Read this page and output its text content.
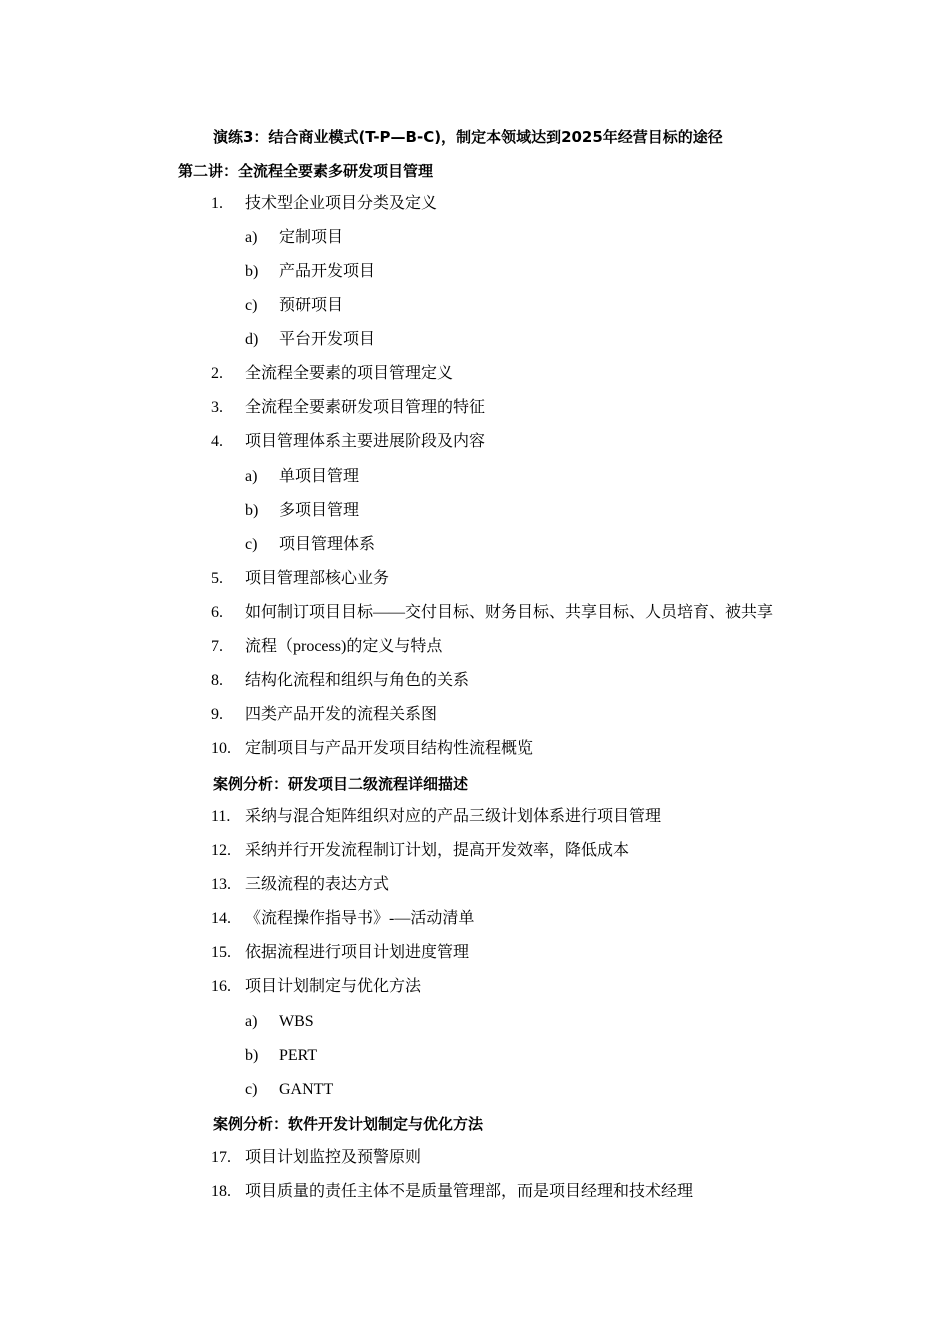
演练3：结合商业模式(T-P—B-C)，制定本领域达到2025年经营目标的途径
第二讲：全流程全要素多研发项目管理
1. 技术型企业项目分类及定义
a) 定制项目
b) 产品开发项目
c) 预研项目
d) 平台开发项目
2. 全流程全要素的项目管理定义
3. 全流程全要素研发项目管理的特征
4. 项目管理体系主要进展阶段及内容
a) 单项目管理
b) 多项目管理
c) 项目管理体系
5. 项目管理部核心业务
6. 如何制订项目目标——交付目标、财务目标、共享目标、人员培育、被共享
7. 流程（process)的定义与特点
8. 结构化流程和组织与角色的关系
9. 四类产品开发的流程关系图
10. 定制项目与产品开发项目结构性流程概览
案例分析：研发项目二级流程详细描述
11. 采纳与混合矩阵组织对应的产品三级计划体系进行项目管理
12. 采纳并行开发流程制订计划，提高开发效率，降低成本
13. 三级流程的表达方式
14. 《流程操作指导书》-—活动清单
15. 依据流程进行项目计划进度管理
16. 项目计划制定与优化方法
a) WBS
b) PERT
c) GANTT
案例分析：软件开发计划制定与优化方法
17. 项目计划监控及预警原则
18. 项目质量的责任主体不是质量管理部，而是项目经理和技术经理
